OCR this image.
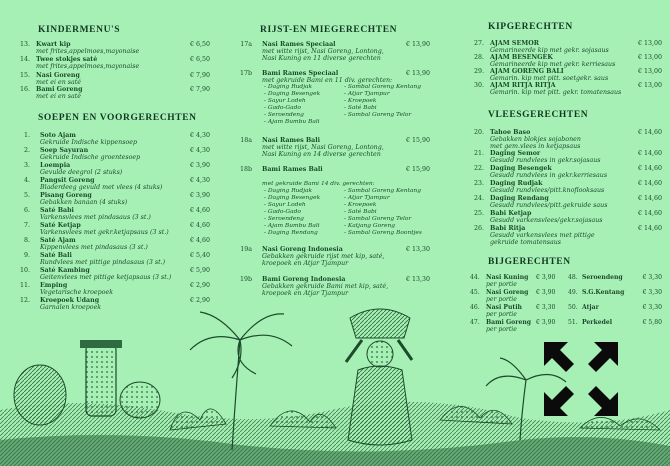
KINDERMENU'S
13. Kwart kip	€ 6,50
met frites,appelmoes,mayonaise
14. Twee stokjes saté	€ 6,50
met frites,appelmoes,mayonaise
15. Nasi Goreng	€ 7,90
met ei en saté
16. Bami Goreng	€ 7,90
met ei en saté
SOEPEN EN VOORGERECHTEN
1. Soto Ajam	€ 4,30
Gekruide Indische kippensoep
2. Soep Sayuran	€ 4,30
Gekruide Indische groentesoep
3. Loempia	€ 3,90
Gevulde deegrol (2 stuks)
4. Pangsit Goreng	€ 4,30
Bladerdeeg gevuld met vlees (4 stuks)
5. Pisang Goreng	€ 3,90
Gebakken banaan (4 stuks)
6. Saté Babi	€ 4,60
Varkensvlees met pindasaus (3 st.)
7. Saté Ketjap	€ 4,60
Varkensvlees met gekr.ketjapsaus (3 st.)
8. Saté Ajam	€ 4,60
Kippenvlees met pindasaus (3 st.)
9. Saté Bali	€ 5,40
Rundvlees met pittige pindasaus (3 st.)
10. Saté Kambing	€ 5,90
Geitenvlees met pittige ketjapsaus (3 st.)
11. Emping	€ 2,90
Vegetarische kroepoek
12. Kroepoek Udang	€ 2,90
Garnalen kroepoek
RIJST-EN MIEGERECHTEN
17a Nasi Rames Speciaal	€ 13,90
met witte rijst, Nasi Goreng, Lontong,
Nasi Kuning en 11 diverse gerechten
17b Bami Rames Speciaal	€ 13,90
met gekruide Bami en 11 div. gerechten:
- Daging Rudjak
- Daging Besengek
- Sayur Lodeh
- Gado-Gado
- Seroendeng
- Ajam Bumbu Bali
- Sambal Goreng Kentang
- Atjar Tjampur
- Kroepoek
- Saté Babi
- Sambal Goreng Telor
18a Nasi Rames Bali	€ 15,90
met witte rijst, Nasi Goreng, Lontong,
Nasi Kuning en 14 diverse gerechten
18b Bami Rames Bali	€ 15,90
met gekruide Bami 14 div. gerechten:
- Daging Rudjak
- Daging Besengek
- Sayur Lodeh
- Gado-Gado
- Seroendeng
- Ajam Bumbu Bali
- Daging Rendang
- Sambal Goreng Kentang
- Atjar Tjampur
- Kroepoek
- Saté Babi
- Sambal Goreng Telor
- Katjang Goreng
- Sambal Goreng Boontjes
19a Nasi Goreng Indonesia	€ 13,30
Gebakken gekruide rijst met kip, saté,
kroepoek en Atjar Tjampur
19b Bami Goreng Indonesia	€ 13,30
Gebakken gekruide Bami met kip, saté,
kroepoek en Atjar Tjampur
KIPGERECHTEN
27. AJAM SEMOR	€ 13,00
Gemarineerde kip met gekr. sojasaus
28. AJAM BESENGEK	€ 13,00
Gemarineerde kip met gekr. kerriesaus
29. AJAM GORENG BALI	€ 13,00
Gemarin. kip met pitt. soetgekr. saus
30. AJAM RITJA RITJA	€ 13,00
Gemarin. kip met pitt. gekr. tomatensaus
VLEESGERECHTEN
20. Tahoe Baso	€ 14,60
Gebakken blokjes sojabonen
met gem.vlees in ketjapsaus
21. Daging Semor	€ 14,60
Gesudd rundvlees in gekr.sojasaus
22. Daging Besengek	€ 14,60
Gesudd rundvlees in gekr.kerriesaus
23. Daging Rudjak	€ 14,60
Gesudd rundvlees/pitt.knoflooksaus
24. Daging Rendang	€ 14,60
Gesudd rundvlees/pitt.gekruide saus
25. Babi Ketjap	€ 14,60
Gesudd varkensvlees/gekr.sojasaus
26. Babi Ritja	€ 14,60
Gesudd varkensvlees met pittige
gekruide tomatensaus
BIJGERECHTEN
44. Nasi Kuning € 3,90
per portie
45. Nasi Goreng € 3,90
per portie
46. Nasi Putih € 3,30
per portie
47. Bami Goreng € 3,90
per portie
48. Seroendeng	€ 3,30
49. S.G.Kentang	€ 3,30
50. Atjar	€ 3,30
51. Perkedel	€ 5,80
